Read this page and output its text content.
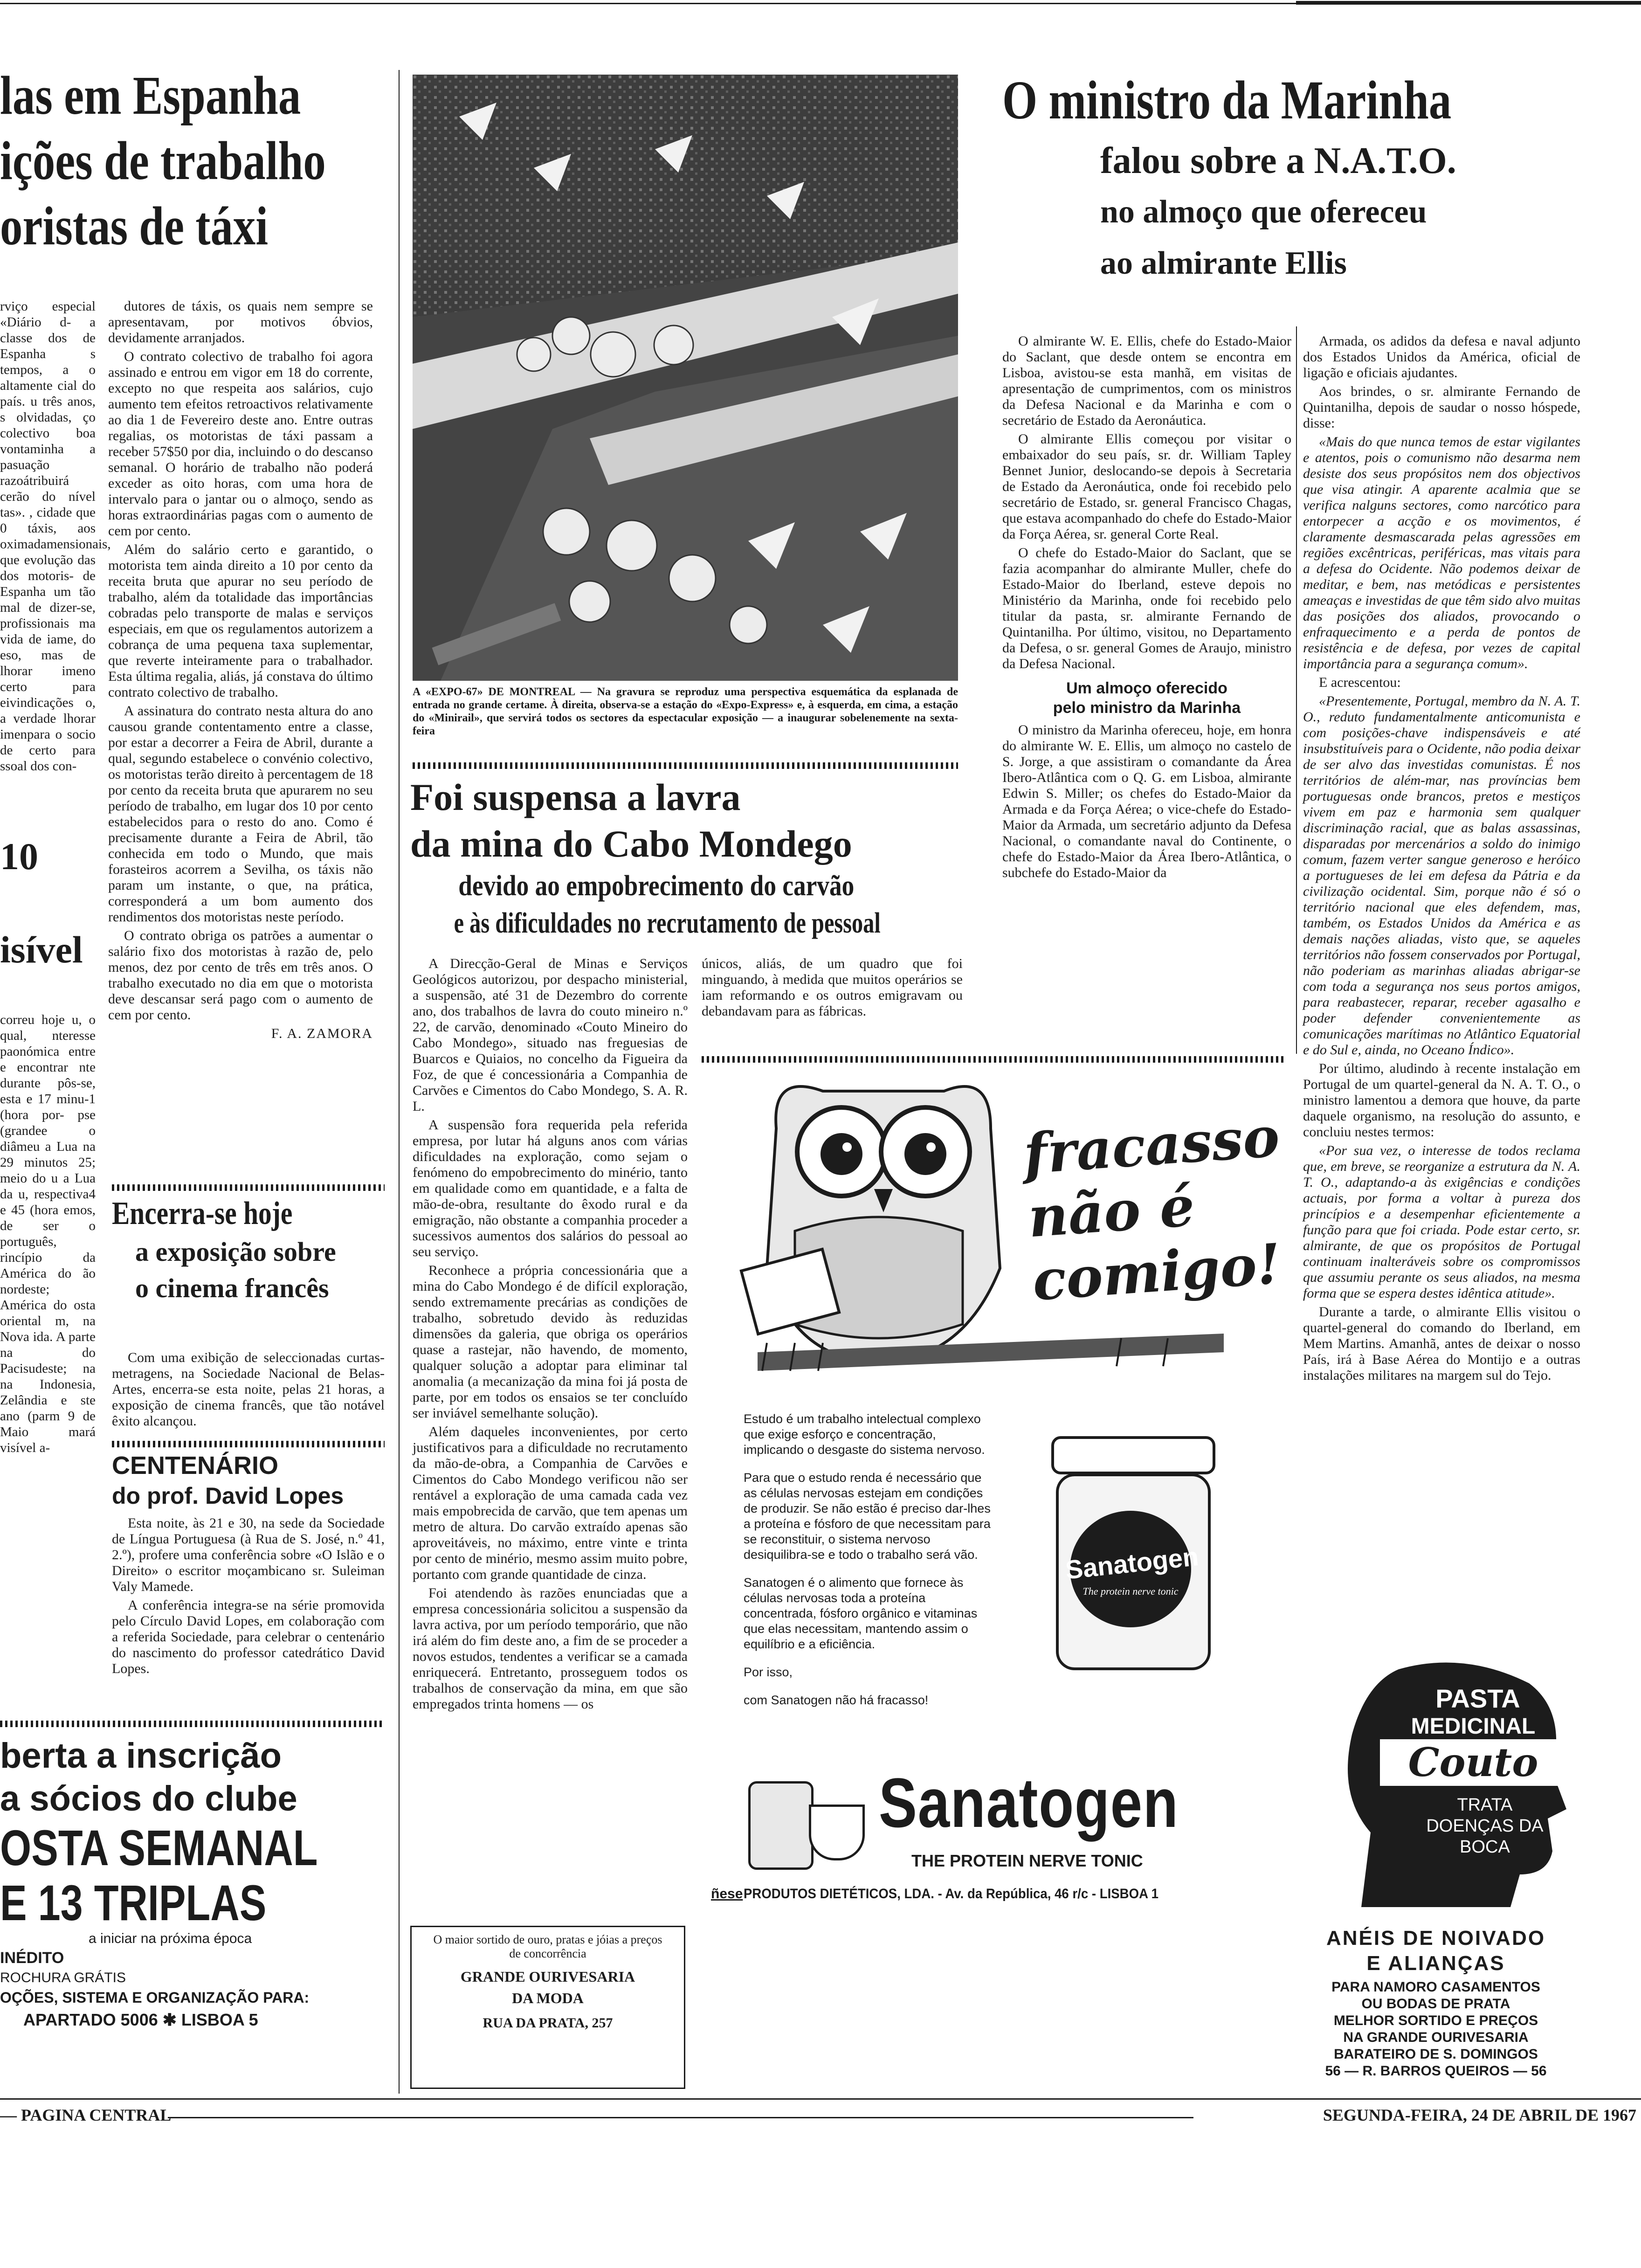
las em Espanha
ições de trabalho
oristas de táxi

rviço especial «Diário d- a classe dos de Espanha s tempos, a o altamente cial do país. u três anos, s olvidadas, ço colectivo boa vontaminha a pasuação razoátribuirá cerão do nível tas». , cidade que 0 táxis, aos oximadamensionais, que evolução das dos motoris- de Espanha um tão mal de dizer-se, profissionais ma vida de iame, do eso, mas de lhorar imeno certo para eivindicações o, a verdade lhorar imenpara o socio de certo para ssoal dos con-

dutores de táxis, os quais nem sempre se apresentavam, por motivos óbvios, devidamente arranjados.

O contrato colectivo de trabalho foi agora assinado e entrou em vigor em 18 do corrente, excepto no que respeita aos salários, cujo aumento tem efeitos retroactivos relativamente ao dia 1 de Fevereiro deste ano. Entre outras regalias, os motoristas de táxi passam a receber 57$50 por dia, incluindo o do descanso semanal. O horário de trabalho não poderá exceder as oito horas, com uma hora de intervalo para o jantar ou o almoço, sendo as horas extraordinárias pagas com o aumento de cem por cento.

Além do salário certo e garantido, o motorista tem ainda direito a 10 por cento da receita bruta que apurar no seu período de trabalho, além da totalidade das importâncias cobradas pelo transporte de malas e serviços especiais, em que os regulamentos autorizem a cobrança de uma pequena taxa suplementar, que reverte inteiramente para o trabalhador. Esta última regalia, aliás, já constava do último contrato colectivo de trabalho.

A assinatura do contrato nesta altura do ano causou grande contentamento entre a classe, por estar a decorrer a Feira de Abril, durante a qual, segundo estabelece o convénio colectivo, os motoristas terão direito à percentagem de 18 por cento da receita bruta que apurarem no seu período de trabalho, em lugar dos 10 por cento estabelecidos para o resto do ano. Como é precisamente durante a Feira de Abril, tão conhecida em todo o Mundo, que mais forasteiros acorrem a Sevilha, os táxis não param um instante, o que, na prática, corresponderá a um bom aumento dos rendimentos dos motoristas neste período.

O contrato obriga os patrões a aumentar o salário fixo dos motoristas à razão de, pelo menos, dez por cento de três em três anos. O trabalho executado no dia em que o motorista deve descansar será pago com o aumento de cem por cento.

F. A. ZAMORA
10
isível

correu hoje u, o qual, nteresse paonómica entre e encontrar nte durante pôs-se, esta e 17 minu-1 (hora por- pse (grandee o diâmeu a Lua na 29 minutos 25; meio do u a Lua da u, respectiva4 e 45 (hora emos, de ser o português, rincípio da América do ão nordeste; América do osta oriental m, na Nova ida. A parte na do Pacisudeste; na na Indonesia, Zelândia e ste ano (parm 9 de Maio mará visível a-

Encerra-se hoje
a exposição sobre
o cinema francês

Com uma exibição de seleccionadas curtas-metragens, na Sociedade Nacional de Belas-Artes, encerra-se esta noite, pelas 21 horas, a exposição de cinema francês, que tão notável êxito alcançou.

CENTENÁRIO
do prof. David Lopes

Esta noite, às 21 e 30, na sede da Sociedade de Língua Portuguesa (à Rua de S. José, n.º 41, 2.º), profere uma conferência sobre «O Islão e o Direito» o escritor moçambicano sr. Suleiman Valy Mamede.

A conferência integra-se na série promovida pelo Círculo David Lopes, em colaboração com a referida Sociedade, para celebrar o centenário do nascimento do professor catedrático David Lopes.

berta a inscrição
a sócios do clube
OSTA SEMANAL
E 13 TRIPLAS
a iniciar na próxima época
INÉDITO
ROCHURA GRÁTIS
OÇÕES, SISTEMA E ORGANIZAÇÃO PARA:
APARTADO 5006 ✱ LISBOA 5
A «EXPO-67» DE MONTREAL — Na gravura se reproduz uma perspectiva esquemática da esplanada de entrada no grande certame. À direita, observa-se a estação do «Expo-Express» e, à esquerda, em cima, a estação do «Minirail», que servirá todos os sectores da espectacular exposição — a inaugurar sobelenemente na sexta-feira
Foi suspensa a lavra
da mina do Cabo Mondego
devido ao empobrecimento do carvão
e às dificuldades no recrutamento de pessoal

A Direcção-Geral de Minas e Serviços Geológicos autorizou, por despacho ministerial, a suspensão, até 31 de Dezembro do corrente ano, dos trabalhos de lavra do couto mineiro n.º 22, de carvão, denominado «Couto Mineiro do Cabo Mondego», situado nas freguesias de Buarcos e Quiaios, no concelho da Figueira da Foz, de que é concessionária a Companhia de Carvões e Cimentos do Cabo Mondego, S. A. R. L.

A suspensão fora requerida pela referida empresa, por lutar há alguns anos com várias dificuldades na exploração, como sejam o fenómeno do empobrecimento do minério, tanto em qualidade como em quantidade, e a falta de mão-de-obra, resultante do êxodo rural e da emigração, não obstante a companhia proceder a sucessivos aumentos dos salários do pessoal ao seu serviço.

Reconhece a própria concessionária que a mina do Cabo Mondego é de difícil exploração, sendo extremamente precárias as condições de trabalho, sobretudo devido às reduzidas dimensões da galeria, que obriga os operários quase a rastejar, não havendo, de momento, qualquer solução a adoptar para eliminar tal anomalia (a mecanização da mina foi já posta de parte, por em todos os ensaios se ter concluído ser inviável semelhante solução).

Além daqueles inconvenientes, por certo justificativos para a dificuldade no recrutamento da mão-de-obra, a Companhia de Carvões e Cimentos do Cabo Mondego verificou não ser rentável a exploração de uma camada cada vez mais empobrecida de carvão, que tem apenas um metro de altura. Do carvão extraído apenas são aproveitáveis, no máximo, entre vinte e trinta por cento de minério, mesmo assim muito pobre, portanto com grande quantidade de cinza.

Foi atendendo às razões enunciadas que a empresa concessionária solicitou a suspensão da lavra activa, por um período temporário, que não irá além do fim deste ano, a fim de se proceder a novos estudos, tendentes a verificar se a camada enriquecerá. Entretanto, prosseguem todos os trabalhos de conservação da mina, em que são empregados trinta homens — os

únicos, aliás, de um quadro que foi minguando, à medida que muitos operários se iam reformando e os outros emigravam ou debandavam para as fábricas.

O maior sortido de ouro, pratas e jóias a preços de concorrência
GRANDE OURIVESARIA
DA MODA
RUA DA PRATA, 257
fracasso não é comigo!

Estudo é um trabalho intelectual complexo que exige esforço e concentração, implicando o desgaste do sistema nervoso.

Para que o estudo renda é necessário que as células nervosas estejam em condições de produzir. Se não estão é preciso dar-lhes a proteína e fósforo de que necessitam para se reconstituir, o sistema nervoso desiquilibra-se e todo o trabalho será vão.

Sanatogen é o alimento que fornece às células nervosas toda a proteína concentrada, fósforo orgânico e vitaminas que elas necessitam, mantendo assim o equilíbrio e a eficiência.

Por isso,

com Sanatogen não há fracasso!

Sanatogen
The protein nerve tonic
Sanatogen
THE PROTEIN NERVE TONIC
ñese PRODUTOS DIETÉTICOS, LDA. - Av. da República, 46 r/c - LISBOA 1
O ministro da Marinha
falou sobre a N.A.T.O.
no almoço que ofereceu
ao almirante Ellis

O almirante W. E. Ellis, chefe do Estado-Maior do Saclant, que desde ontem se encontra em Lisboa, avistou-se esta manhã, em visitas de apresentação de cumprimentos, com os ministros da Defesa Nacional e da Marinha e com o secretário de Estado da Aeronáutica.

O almirante Ellis começou por visitar o embaixador do seu país, sr. dr. William Tapley Bennet Junior, deslocando-se depois à Secretaria de Estado da Aeronáutica, onde foi recebido pelo secretário de Estado, sr. general Francisco Chagas, que estava acompanhado do chefe do Estado-Maior da Força Aérea, sr. general Corte Real.

O chefe do Estado-Maior do Saclant, que se fazia acompanhar do almirante Muller, chefe do Estado-Maior do Iberland, esteve depois no Ministério da Marinha, onde foi recebido pelo titular da pasta, sr. almirante Fernando de Quintanilha. Por último, visitou, no Departamento da Defesa, o sr. general Gomes de Araujo, ministro da Defesa Nacional.

Um almoço oferecido
pelo ministro da Marinha

O ministro da Marinha ofereceu, hoje, em honra do almirante W. E. Ellis, um almoço no castelo de S. Jorge, a que assistiram o comandante da Área Ibero-Atlântica com o Q. G. em Lisboa, almirante Edwin S. Miller; os chefes do Estado-Maior da Armada e da Força Aérea; o vice-chefe do Estado-Maior da Armada, um secretário adjunto da Defesa Nacional, o comandante naval do Continente, o chefe do Estado-Maior da Área Ibero-Atlântica, o subchefe do Estado-Maior da

Armada, os adidos da defesa e naval adjunto dos Estados Unidos da América, oficial de ligação e oficiais ajudantes.

Aos brindes, o sr. almirante Fernando de Quintanilha, depois de saudar o nosso hóspede, disse:

«Mais do que nunca temos de estar vigilantes e atentos, pois o comunismo não desarma nem desiste dos seus propósitos nem dos objectivos que visa atingir. A aparente acalmia que se verifica nalguns sectores, como narcótico para entorpecer a acção e os movimentos, é claramente desmascarada pelas agressões em regiões excêntricas, periféricas, mas vitais para a defesa do Ocidente. Não podemos deixar de meditar, e bem, nas metódicas e persistentes ameaças e investidas de que têm sido alvo muitas das posições dos aliados, provocando o enfraquecimento e a perda de pontos de resistência e de defesa, por vezes de capital importância para a segurança comum».

E acrescentou:

«Presentemente, Portugal, membro da N. A. T. O., reduto fundamentalmente anticomunista e com posições-chave indispensáveis e até insubstituíveis para o Ocidente, não podia deixar de ser alvo das investidas comunistas. É nos territórios de além-mar, nas províncias bem portuguesas onde brancos, pretos e mestiços vivem em paz e harmonia sem qualquer discriminação racial, que as balas assassinas, disparadas por mercenários a soldo do inimigo comum, fazem verter sangue generoso e heróico a portugueses de lei em defesa da Pátria e da civilização ocidental. Sim, porque não é só o território nacional que eles defendem, mas, também, os Estados Unidos da América e as demais nações aliadas, visto que, se aqueles territórios não fossem conservados por Portugal, não poderiam as marinhas aliadas abrigar-se com toda a segurança nos seus portos amigos, para reabastecer, reparar, receber agasalho e poder defender convenientemente as comunicações marítimas no Atlântico Equatorial e do Sul e, ainda, no Oceano Índico».

Por último, aludindo à recente instalação em Portugal de um quartel-general da N. A. T. O., o ministro lamentou a demora que houve, da parte daquele organismo, na resolução do assunto, e concluiu nestes termos:

«Por sua vez, o interesse de todos reclama que, em breve, se reorganize a estrutura da N. A. T. O., adaptando-a às exigências e condições actuais, por forma a voltar à pureza dos princípios e a desempenhar eficientemente a função para que foi criada. Pode estar certo, sr. almirante, de que os propósitos de Portugal continuam inalteráveis sobre os compromissos que assumiu perante os seus aliados, na mesma forma que se espera destes idêntica atitude».

Durante a tarde, o almirante Ellis visitou o quartel-general do comando do Iberland, em Mem Martins. Amanhã, antes de deixar o nosso País, irá à Base Aérea do Montijo e a outras instalações militares na margem sul do Tejo.

PASTA
MEDICINAL
Couto
TRATA
DOENÇAS DA
BOCA
ANÉIS DE NOIVADO
E ALIANÇAS
PARA NAMORO CASAMENTOS
OU BODAS DE PRATA
MELHOR SORTIDO E PREÇOS
NA GRANDE OURIVESARIA
BARATEIRO DE S. DOMINGOS
56 — R. BARROS QUEIROS — 56
— PAGINA CENTRAL	SEGUNDA-FEIRA, 24 DE ABRIL DE 1967
